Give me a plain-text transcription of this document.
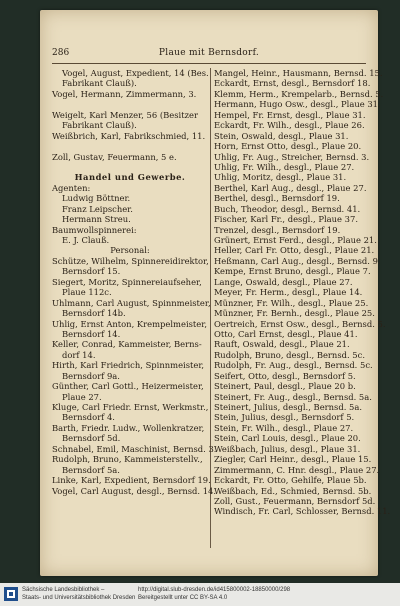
286	Plaue mit Bernsdorf.
Vogel, August, Expedient, 14 (Bes.
Fabrikant Clauß).
Vogel, Hermann, Zimmermann, 3.
Weigelt, Karl Menzer, 56 (Besitzer
Fabrikant Clauß).
Weißbrich, Karl, Fabrikschmied, 11.
Zoll, Gustav, Feuermann, 5 e.
Handel und Gewerbe.
Agenten:
Ludwig Böttner.
Franz Leipscher.
Hermann Streu.
Baumwollspinnerei:
E. J. Clauß.
Personal:
Schütze, Wilhelm, Spinnereidirektor,
Bernsdorf 15.
Siegert, Moritz, Spinnereiaufseher,
Plaue 112c.
Uhlmann, Carl August, Spinnmeister,
Bernsdorf 14b.
Uhlig, Ernst Anton, Krempelmeister,
Bernsdorf 14.
Keller, Conrad, Kammeister, Berns-
dorf 14.
Hirth, Karl Friedrich, Spinnmeister,
Bernsdorf 9a.
Günther, Carl Gottl., Heizermeister,
Plaue 27.
Kluge, Carl Friedr. Ernst, Werkmstr.,
Bernsdorf 4.
Barth, Friedr. Ludw., Wollenkratzer,
Bernsdorf 5d.
Schnabel, Emil, Maschinist, Bernsd. 3.
Rudolph, Bruno, Kammeisterstellv.,
Bernsdorf 5a.
Linke, Karl, Expedient, Bernsdorf 19.
Vogel, Carl August, desgl., Bernsd. 14.
Mangel, Heinr., Hausmann, Bernsd. 15.
Eckardt, Ernst, desgl., Bernsdorf 18.
Klemm, Herm., Krempelarb., Bernsd. 5.
Hermann, Hugo Osw., desgl., Plaue 31.
Hempel, Fr. Ernst, desgl., Plaue 31.
Eckardt, Fr. Wilh., desgl., Plaue 26.
Stein, Oswald, desgl., Plaue 31.
Horn, Ernst Otto, desgl., Plaue 20.
Uhlig, Fr. Aug., Streicher, Bernsd. 3.
Uhlig, Fr. Wilh., desgl., Plaue 27.
Uhlig, Moritz, desgl., Plaue 31.
Berthel, Karl Aug., desgl., Plaue 27.
Berthel, desgl., Bernsdorf 19.
Buch, Theodor, desgl., Bernsd. 41.
Fischer, Karl Fr., desgl., Plaue 37.
Trenzel, desgl., Bernsdorf 19.
Grünert, Ernst Ferd., desgl., Plaue 21.
Heller, Carl Fr. Otto, desgl., Plaue 21.
Heßmann, Carl Aug., desgl., Bernsd. 9.
Kempe, Ernst Bruno, desgl., Plaue 7.
Lange, Oswald, desgl., Plaue 27.
Meyer, Fr. Herm., desgl., Plaue 14.
Münzner, Fr. Wilh., desgl., Plaue 25.
Münzner, Fr. Bernh., desgl., Plaue 25.
Oertreich, Ernst Osw., desgl., Bernsd. 5.
Otto, Carl Ernst, desgl., Plaue 41.
Rauft, Oswald, desgl., Plaue 21.
Rudolph, Bruno, desgl., Bernsd. 5c.
Rudolph, Fr. Aug., desgl., Bernsd. 5c.
Seifert, Otto, desgl., Bernsdorf 5.
Steinert, Paul, desgl., Plaue 20 b.
Steinert, Fr. Aug., desgl., Bernsd. 5a.
Steinert, Julius, desgl., Bernsd. 5a.
Stein, Julius, desgl., Bernsdorf 5.
Stein, Fr. Wilh., desgl., Plaue 27.
Stein, Carl Louis, desgl., Plaue 20.
Weißbach, Julius, desgl., Plaue 31.
Ziegler, Carl Heinr., desgl., Plaue 15.
Zimmermann, C. Hnr. desgl., Plaue 27.
Eckardt, Fr. Otto, Gehilfe, Plaue 5b.
Weißbach, Ed., Schmied, Bernsd. 5b.
Zoll, Gust., Feuermann, Bernsdorf 5d.
Windisch, Fr. Carl, Schlosser, Bernsd. 11.
Sächsische Landesbibliothek –
Staats- und Universitätsbibliothek Dresden
http://digital.slub-dresden.de/id415800002-18850000/298
Bereitgestellt unter CC BY-SA 4.0
